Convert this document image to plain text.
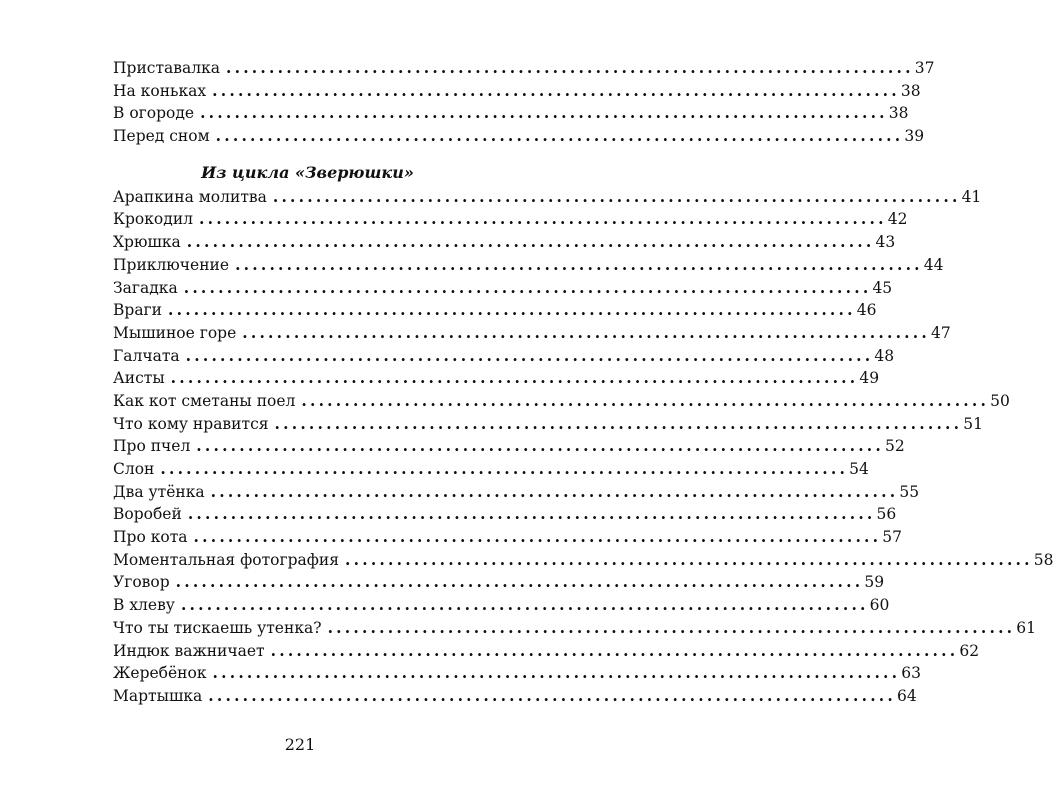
Приставалка ................................................................................ 37
На коньках ................................................................................ 38
В огороде ................................................................................ 38
Перед сном ................................................................................ 39
Из цикла «Зверюшки»
Арапкина молитва ................................................................................ 41
Крокодил ................................................................................ 42
Хрюшка ................................................................................ 43
Приключение ................................................................................ 44
Загадка ................................................................................ 45
Враги ................................................................................ 46
Мышиное горе ................................................................................ 47
Галчата ................................................................................ 48
Аисты ................................................................................ 49
Как кот сметаны поел ................................................................................ 50
Что кому нравится ................................................................................ 51
Про пчел ................................................................................ 52
Слон ................................................................................ 54
Два утёнка ................................................................................ 55
Воробей ................................................................................ 56
Про кота ................................................................................ 57
Моментальная фотография ................................................................................ 58
Уговор ................................................................................ 59
В хлеву ................................................................................ 60
Что ты тискаешь утенка? ................................................................................ 61
Индюк важничает ................................................................................ 62
Жеребёнок ................................................................................ 63
Мартышка ................................................................................ 64
221
